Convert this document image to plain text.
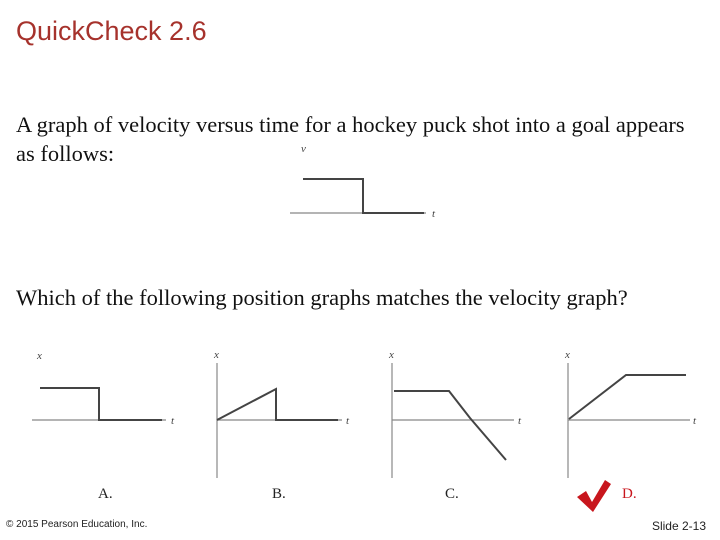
QuickCheck 2.6
A graph of velocity versus time for a hockey puck shot into a goal appears as follows:	v
t
Which of the following position graphs matches the velocity graph?
x
t
x
t
x
t
x
t
A.	B.	C.	D.
© 2015 Pearson Education, Inc.	Slide 2-13
